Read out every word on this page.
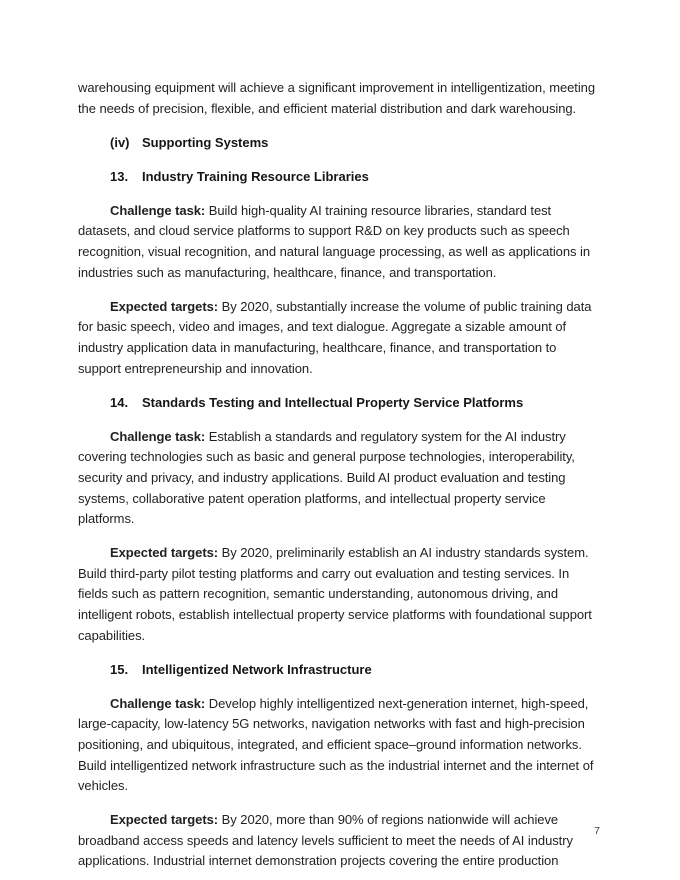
warehousing equipment will achieve a significant improvement in intelligentization, meeting the needs of precision, flexible, and efficient material distribution and dark warehousing.

(iv) Supporting Systems
13.	Industry Training Resource Libraries

Challenge task: Build high-quality AI training resource libraries, standard test datasets, and cloud service platforms to support R&D on key products such as speech recognition, visual recognition, and natural language processing, as well as applications in industries such as manufacturing, healthcare, finance, and transportation.

Expected targets: By 2020, substantially increase the volume of public training data for basic speech, video and images, and text dialogue. Aggregate a sizable amount of industry application data in manufacturing, healthcare, finance, and transportation to support entrepreneurship and innovation.

14.	Standards Testing and Intellectual Property Service Platforms

Challenge task: Establish a standards and regulatory system for the AI industry covering technologies such as basic and general purpose technologies, interoperability, security and privacy, and industry applications. Build AI product evaluation and testing systems, collaborative patent operation platforms, and intellectual property service platforms.

Expected targets: By 2020, preliminarily establish an AI industry standards system. Build third-party pilot testing platforms and carry out evaluation and testing services. In fields such as pattern recognition, semantic understanding, autonomous driving, and intelligent robots, establish intellectual property service platforms with foundational support capabilities.

15.	Intelligentized Network Infrastructure

Challenge task: Develop highly intelligentized next-generation internet, high-speed, large-capacity, low-latency 5G networks, navigation networks with fast and high-precision positioning, and ubiquitous, integrated, and efficient space–ground information networks. Build intelligentized network infrastructure such as the industrial internet and the internet of vehicles.

Expected targets: By 2020, more than 90% of regions nationwide will achieve broadband access speeds and latency levels sufficient to meet the needs of AI industry applications. Industrial internet demonstration projects covering the entire production

7
